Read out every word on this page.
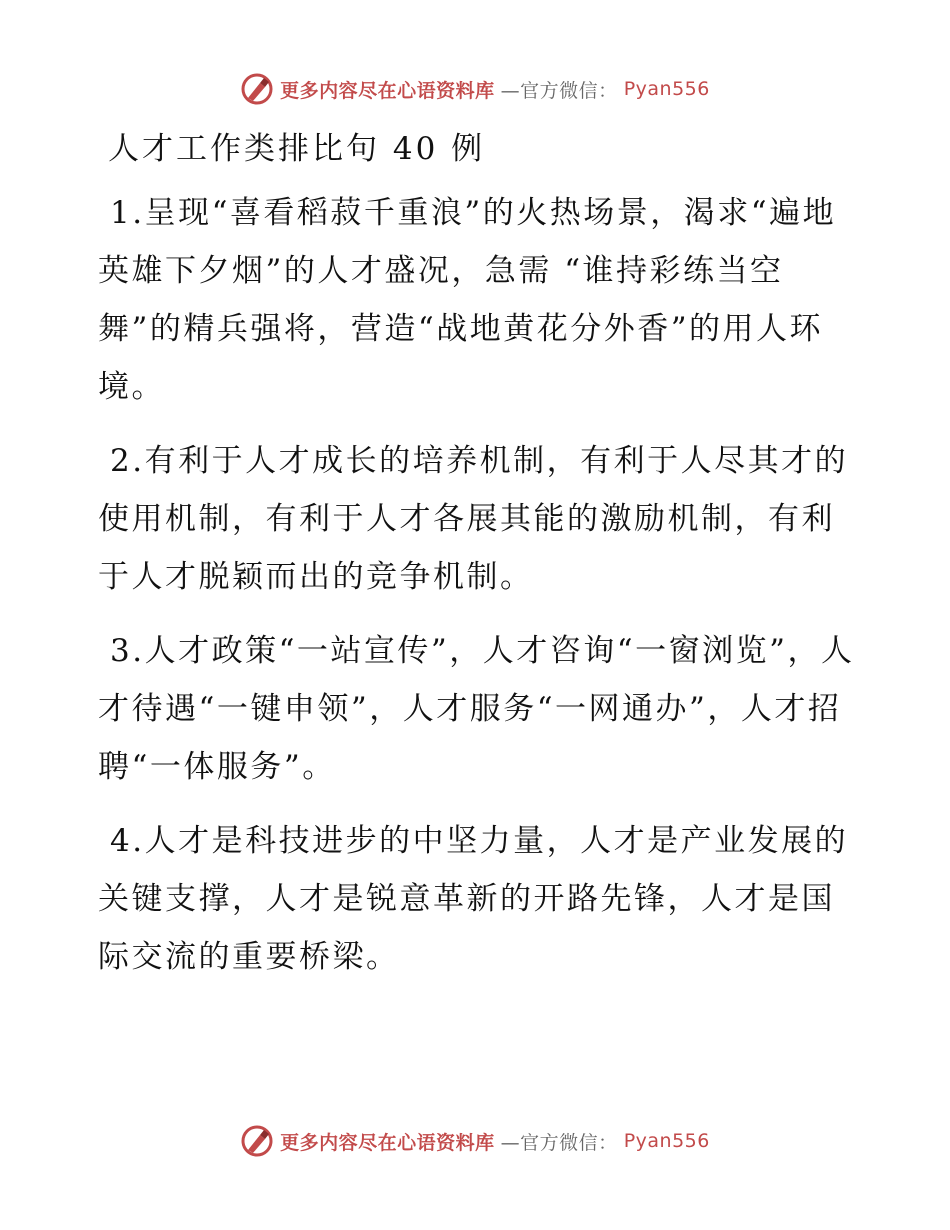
更多内容尽在心语资料库 —官方微信： Pyan556
人才工作类排比句 40 例

1.呈现“喜看稻菽千重浪”的火热场景，渴求“遍地英雄下夕烟”的人才盛况，急需 “谁持彩练当空舞”的精兵强将，营造“战地黄花分外香”的用人环境。

2.有利于人才成长的培养机制，有利于人尽其才的使用机制，有利于人才各展其能的激励机制，有利于人才脱颖而出的竞争机制。

3.人才政策“一站宣传”，人才咨询“一窗浏览”，人才待遇“一键申领”，人才服务“一网通办”，人才招聘“一体服务”。

4.人才是科技进步的中坚力量，人才是产业发展的关键支撑，人才是锐意革新的开路先锋，人才是国际交流的重要桥梁。

更多内容尽在心语资料库 —官方微信： Pyan556
